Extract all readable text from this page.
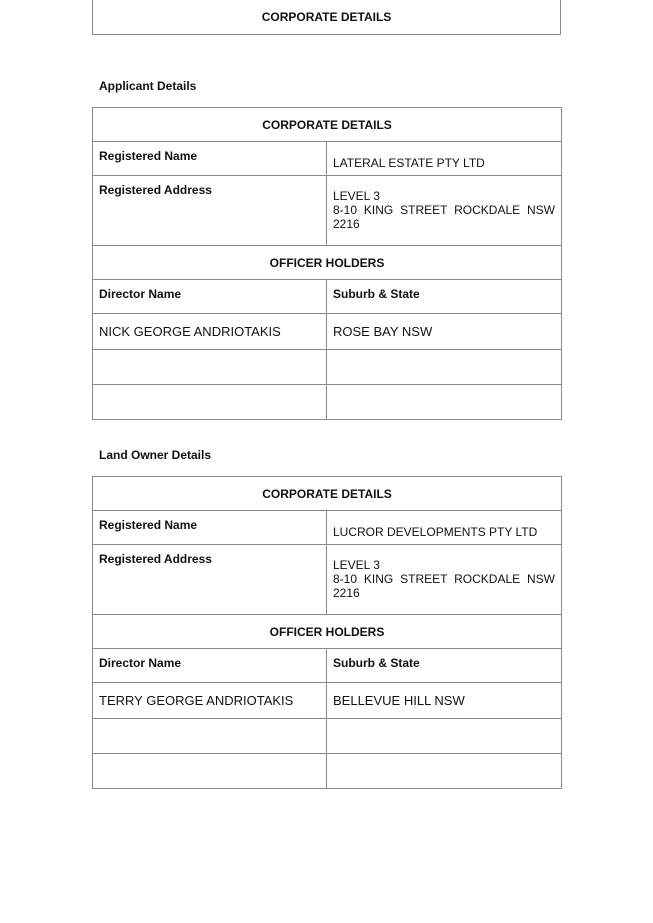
CORPORATE DETAILS

Applicant Details

CORPORATE DETAILS	
Registered Name	LATERAL ESTATE PTY LTD
Registered Address	LEVEL 3
8-10 KING STREET ROCKDALE NSW
2216

OFFICER HOLDERS	
Director Name	Suburb & State
NICK GEORGE ANDRIOTAKIS	ROSE BAY NSW

Land Owner Details

CORPORATE DETAILS	
Registered Name	LUCROR DEVELOPMENTS PTY LTD
Registered Address	LEVEL 3
8-10 KING STREET ROCKDALE NSW
2216

OFFICER HOLDERS	
Director Name	Suburb & State
TERRY GEORGE ANDRIOTAKIS	BELLEVUE HILL NSW
